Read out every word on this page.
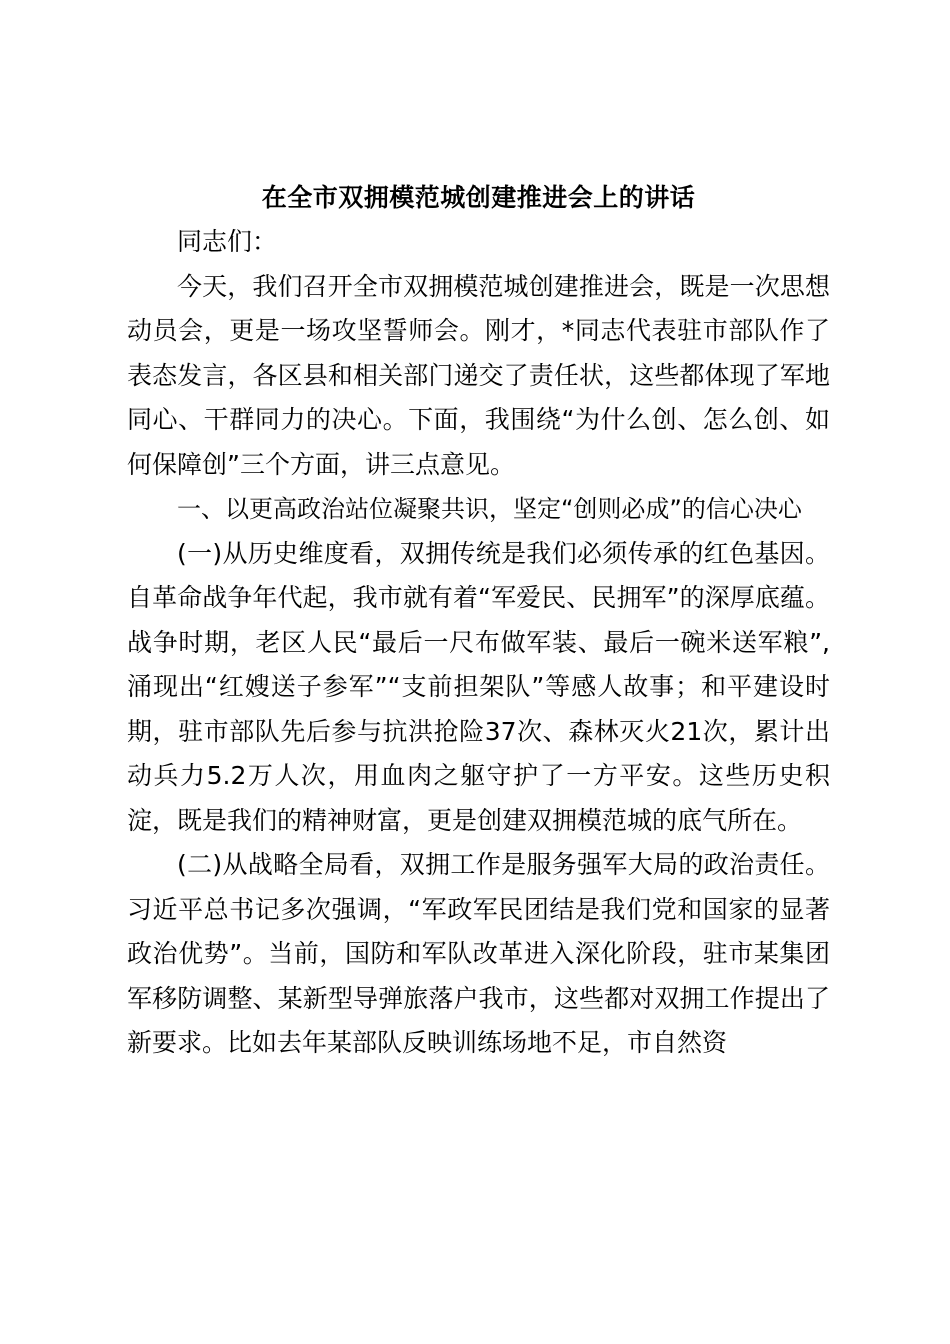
在全市双拥模范城创建推进会上的讲话

同志们：

今天，我们召开全市双拥模范城创建推进会，既是一次思想动员会，更是一场攻坚誓师会。刚才，*同志代表驻市部队作了表态发言，各区县和相关部门递交了责任状，这些都体现了军地同心、干群同力的决心。下面，我围绕“为什么创、怎么创、如何保障创”三个方面，讲三点意见。

一、以更高政治站位凝聚共识，坚定“创则必成”的信心决心

(一)从历史维度看，双拥传统是我们必须传承的红色基因。自革命战争年代起，我市就有着“军爱民、民拥军”的深厚底蕴。战争时期，老区人民“最后一尺布做军装、最后一碗米送军粮”,涌现出“红嫂送子参军”“支前担架队”等感人故事；和平建设时期，驻市部队先后参与抗洪抢险37次、森林灭火21次，累计出动兵力5.2万人次，用血肉之躯守护了一方平安。这些历史积淀，既是我们的精神财富，更是创建双拥模范城的底气所在。

(二)从战略全局看，双拥工作是服务强军大局的政治责任。习近平总书记多次强调，“军政军民团结是我们党和国家的显著政治优势”。当前，国防和军队改革进入深化阶段，驻市某集团军移防调整、某新型导弹旅落户我市，这些都对双拥工作提出了新要求。比如去年某部队反映训练场地不足，市自然资
